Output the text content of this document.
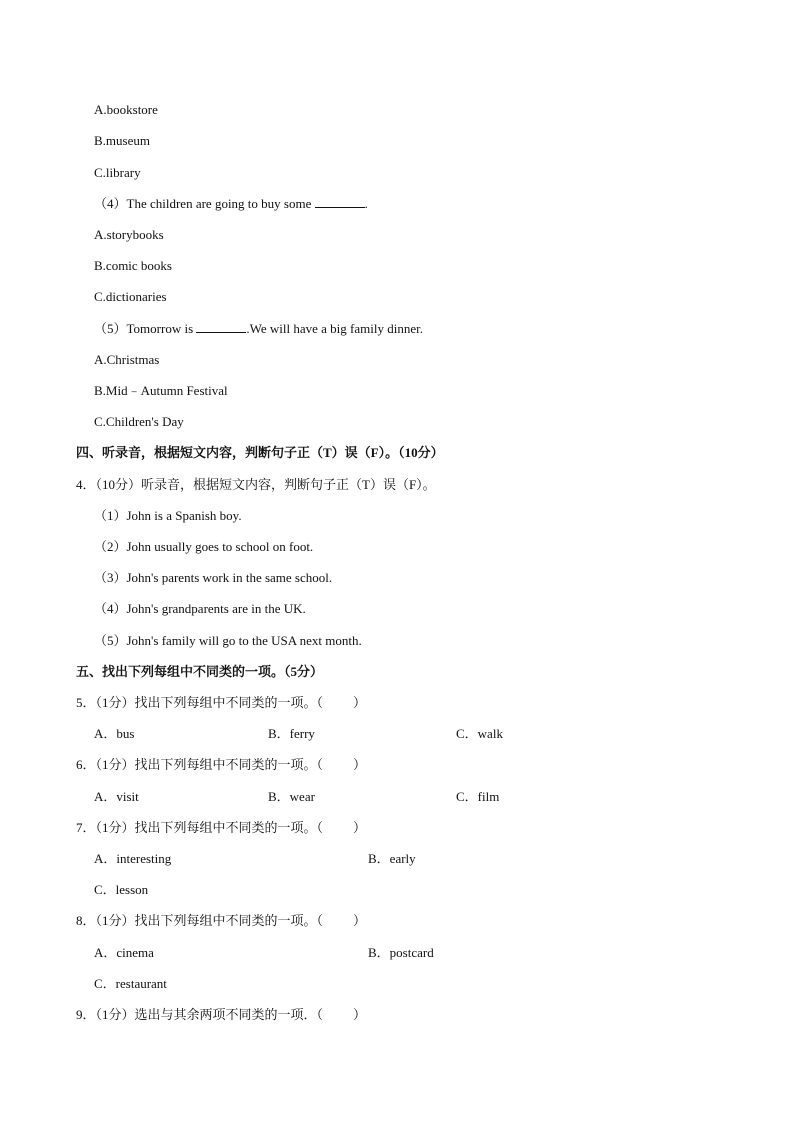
A.bookstore
B.museum
C.library
（4）The children are going to buy some	.
A.storybooks
B.comic books
C.dictionaries
（5）Tomorrow is	.We will have a big family dinner.
A.Christmas
B.Mid﹣Autumn Festival
C.Children's Day
四、听录音，根据短文内容，判断句子正（T）误（F）。（10分）
4．（10分）听录音，根据短文内容，判断句子正（T）误（F）。
（1）John is a Spanish boy.
（2）John usually goes to school on foot.
（3）John's parents work in the same school.
（4）John's grandparents are in the UK.
（5）John's family will go to the USA next month.
五、找出下列每组中不同类的一项。（5分）
5．（1分）找出下列每组中不同类的一项。（ ）
A．bus	B．ferry	C．walk
6．（1分）找出下列每组中不同类的一项。（ ）
A．visit	B．wear	C．film
7．（1分）找出下列每组中不同类的一项。（ ）
A．interesting	B．early
C．lesson
8．（1分）找出下列每组中不同类的一项。（ ）
A．cinema	B．postcard
C．restaurant
9．（1分）选出与其余两项不同类的一项．（ ）
